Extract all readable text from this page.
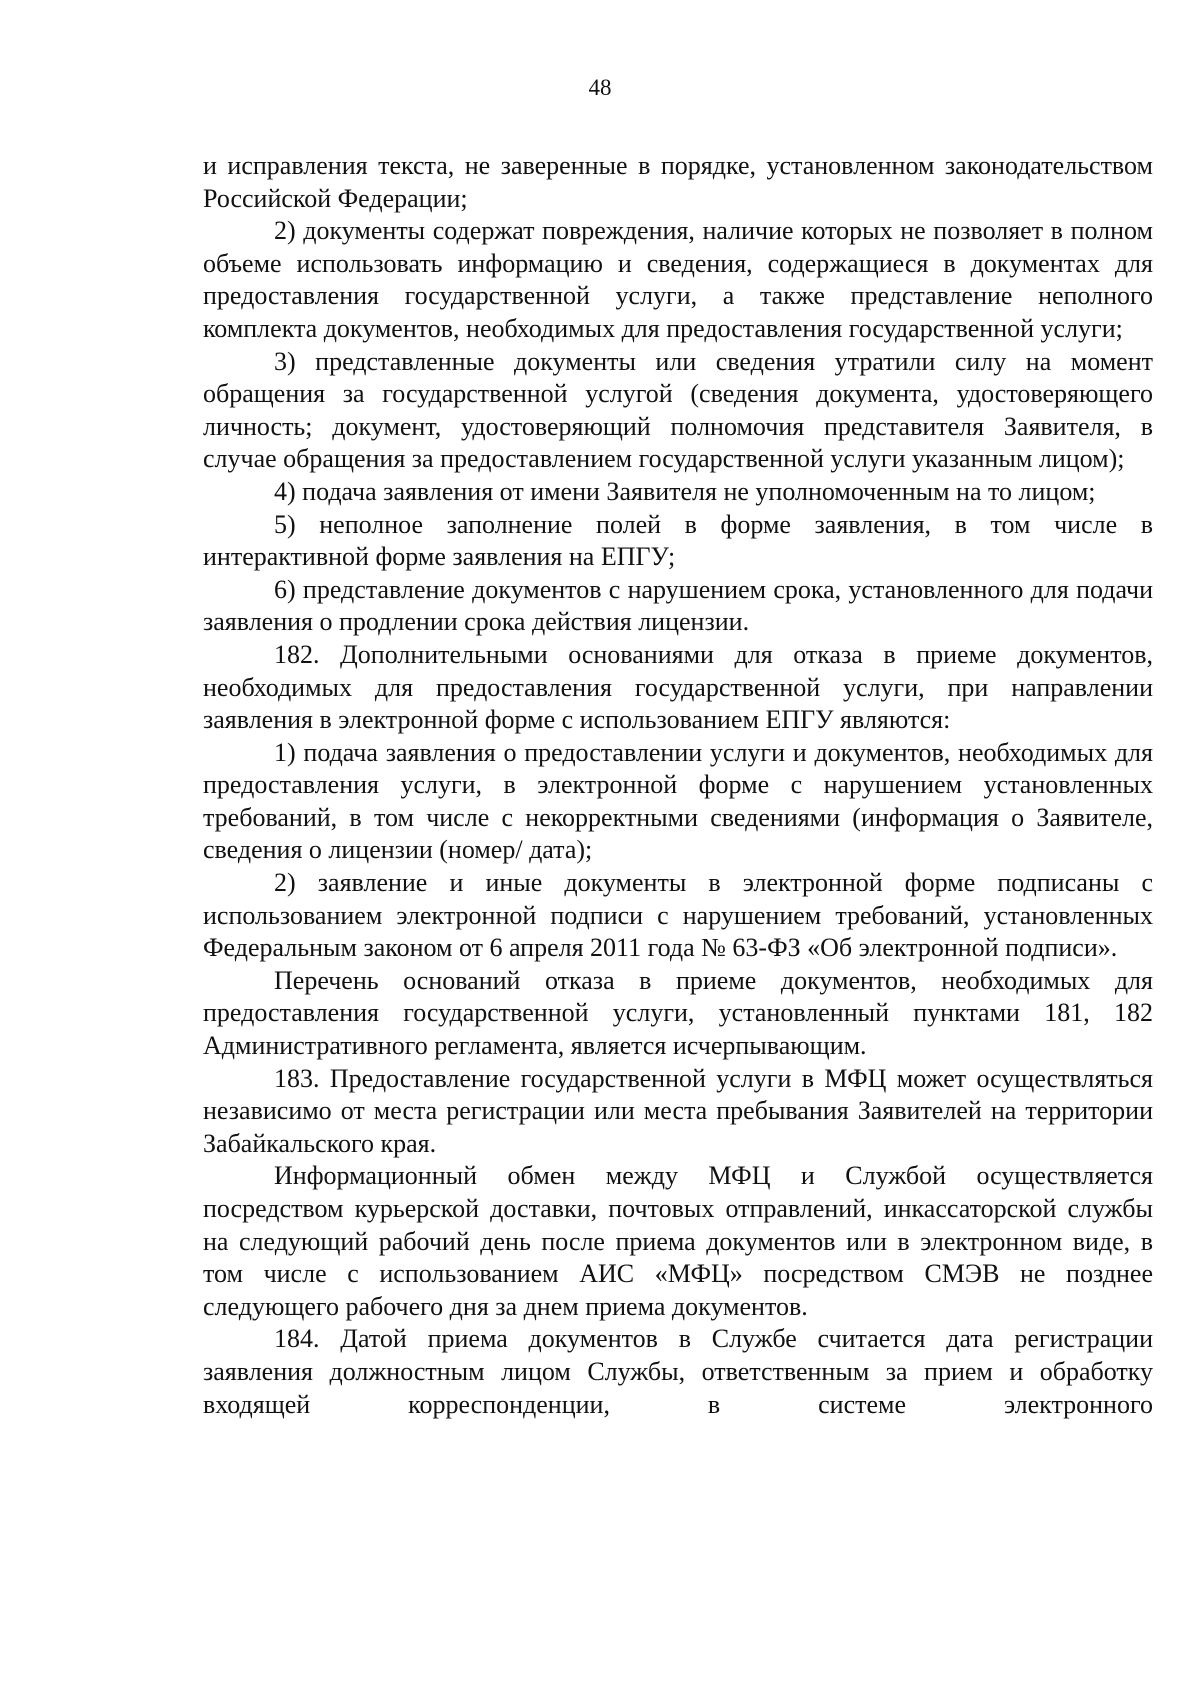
48

и исправления текста, не заверенные в порядке, установленном законодательством Российской Федерации;

2) документы содержат повреждения, наличие которых не позволяет в полном объеме использовать информацию и сведения, содержащиеся в документах для предоставления государственной услуги, а также представление неполного комплекта документов, необходимых для предоставления государственной услуги;

3) представленные документы или сведения утратили силу на момент обращения за государственной услугой (сведения документа, удостоверяющего личность; документ, удостоверяющий полномочия представителя Заявителя, в случае обращения за предоставлением государственной услуги указанным лицом);

4) подача заявления от имени Заявителя не уполномоченным на то лицом;

5) неполное заполнение полей в форме заявления, в том числе в интерактивной форме заявления на ЕПГУ;

6) представление документов с нарушением срока, установленного для подачи заявления о продлении срока действия лицензии.

182. Дополнительными основаниями для отказа в приеме документов, необходимых для предоставления государственной услуги, при направлении заявления в электронной форме с использованием ЕПГУ являются:

1) подача заявления о предоставлении услуги и документов, необходимых для предоставления услуги, в электронной форме с нарушением установленных требований, в том числе с некорректными сведениями (информация о Заявителе, сведения о лицензии (номер/ дата);

2) заявление и иные документы в электронной форме подписаны с использованием электронной подписи с нарушением требований, установленных Федеральным законом от 6 апреля 2011 года № 63-ФЗ «Об электронной подписи».

Перечень оснований отказа в приеме документов, необходимых для предоставления государственной услуги, установленный пунктами 181, 182 Административного регламента, является исчерпывающим.

183. Предоставление государственной услуги в МФЦ может осуществляться независимо от места регистрации или места пребывания Заявителей на территории Забайкальского края.

Информационный обмен между МФЦ и Службой осуществляется посредством курьерской доставки, почтовых отправлений, инкассаторской службы на следующий рабочий день после приема документов или в электронном виде, в том числе с использованием АИС «МФЦ» посредством СМЭВ не позднее следующего рабочего дня за днем приема документов.

184. Датой приема документов в Службе считается дата регистрации заявления должностным лицом Службы, ответственным за прием и обработку входящей корреспонденции, в системе электронного
